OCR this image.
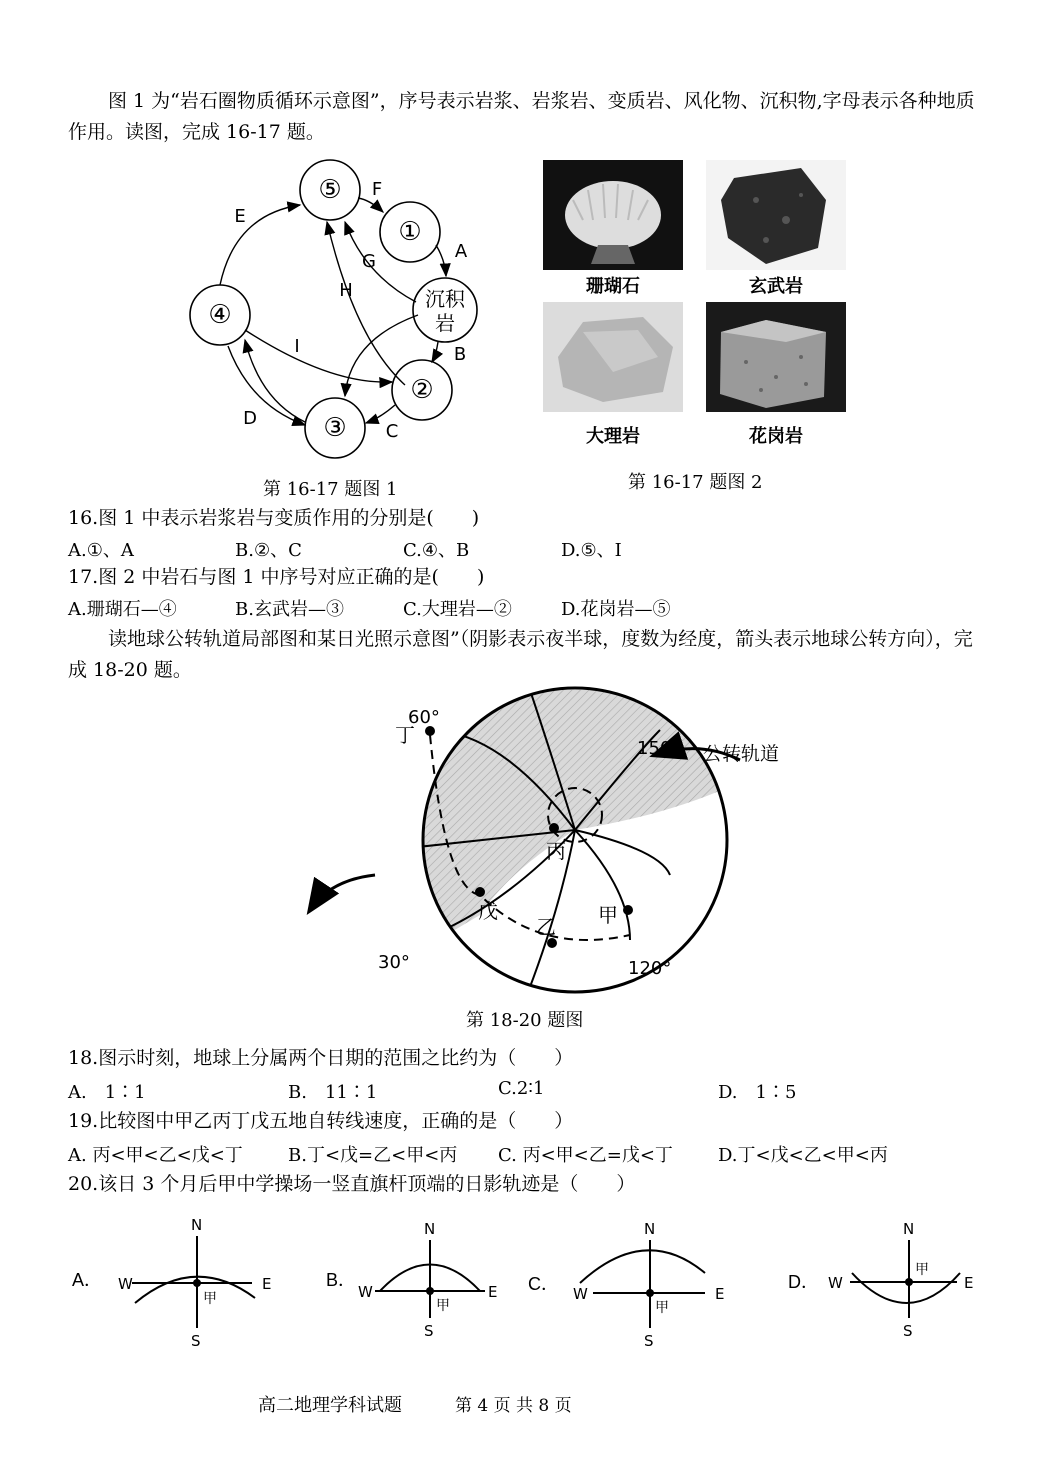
图 1 为“岩石圈物质循环示意图”，序号表示岩浆、岩浆岩、变质岩、风化物、沉积物,字母表示各种地质作用。读图，完成 16-17 题。
⑤
①
④
②
③
沉积
岩
E
F
A
G
H
I	B
C
D
第 16-17 题图 1
珊瑚石	玄武岩
大理岩	花岗岩
第 16-17 题图 2
16.图 1 中表示岩浆岩与变质作用的分别是(　　)
A.①、A	B.②、C	C.④、B	D.⑤、I
17.图 2 中岩石与图 1 中序号对应正确的是(　　)
A.珊瑚石—④	B.玄武岩—③	C.大理岩—②	D.花岗岩—⑤
读地球公转轨道局部图和某日光照示意图”（阴影表示夜半球，度数为经度，箭头表示地球公转方向），完成 18-20 题。
60°
150°
30°	120°
公转轨道
丁
丙
戊
乙 甲
第 18-20 题图
18.图示时刻，地球上分属两个日期的范围之比约为（　　）
A.　1∶1	B.　11∶1	C.2∶1	D.　1∶5
19.比较图中甲乙丙丁戊五地自转线速度，正确的是（　　）
A. 丙<甲<乙<戊<丁	B.丁<戊=乙<甲<丙 C. 丙<甲<乙=戊<丁	D.丁<戊<乙<甲<丙
20.该日 3 个月后甲中学操场一竖直旗杆顶端的日影轨迹是（　　）
A．
N
S
W	E
甲
B．
N
S
W	E
甲
C．
N
S
W	E
甲
D．
N
S
W	E
甲
高二地理学科试题	第 4 页 共 8 页
